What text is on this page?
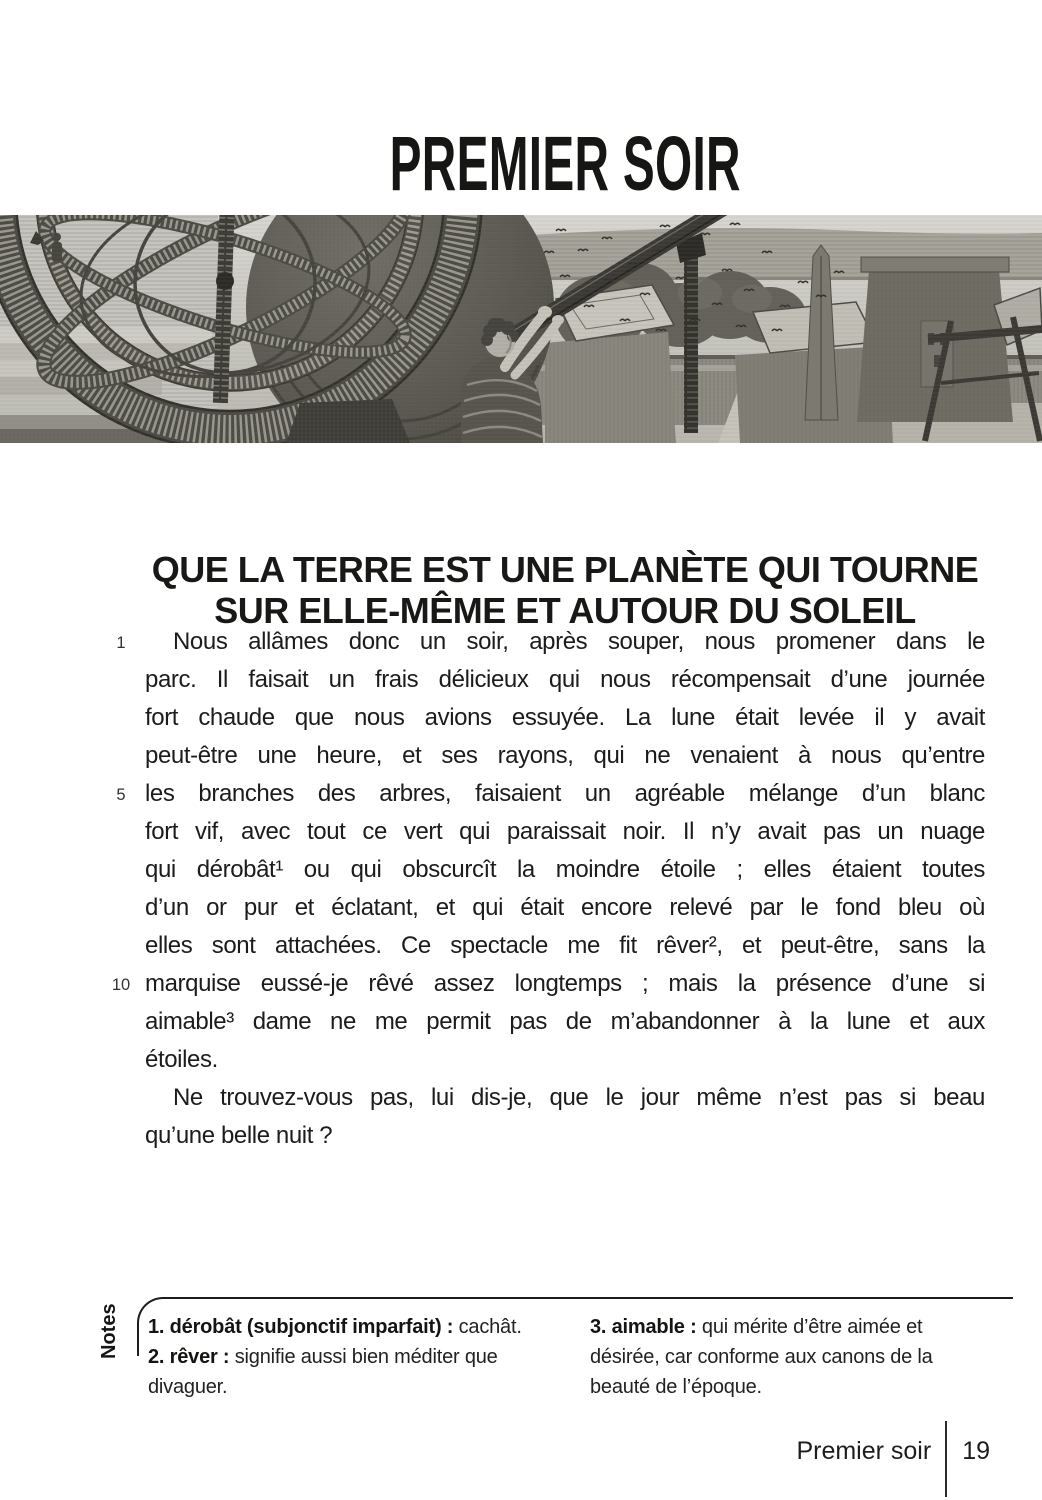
PREMIER SOIR
QUE LA TERRE EST UNE PLANÈTE QUI TOURNE
SUR ELLE-MÊME ET AUTOUR DU SOLEIL
1	Nous allâmes donc un soir, après souper, nous promener dans le
parc. Il faisait un frais délicieux qui nous récompensait d’une journée
fort chaude que nous avions essuyée. La lune était levée il y avait
peut-être une heure, et ses rayons, qui ne venaient à nous qu’entre
5 les branches des arbres, faisaient un agréable mélange d’un blanc
fort vif, avec tout ce vert qui paraissait noir. Il n’y avait pas un nuage
qui dérobât¹ ou qui obscurcît la moindre étoile ; elles étaient toutes
d’un or pur et éclatant, et qui était encore relevé par le fond bleu où
elles sont attachées. Ce spectacle me fit rêver², et peut-être, sans la
10 marquise eussé-je rêvé assez longtemps ; mais la présence d’une si
aimable³ dame ne me permit pas de m’abandonner à la lune et aux
étoiles.
Ne trouvez-vous pas, lui dis-je, que le jour même n’est pas si beau
qu’une belle nuit ?
Notes	1. dérobât (subjonctif imparfait) : cachât.

2. rêver : signifie aussi bien méditer que divaguer.

3. aimable : qui mérite d’être aimée et désirée, car conforme aux canons de la beauté de l’époque.

Premier soir 19
